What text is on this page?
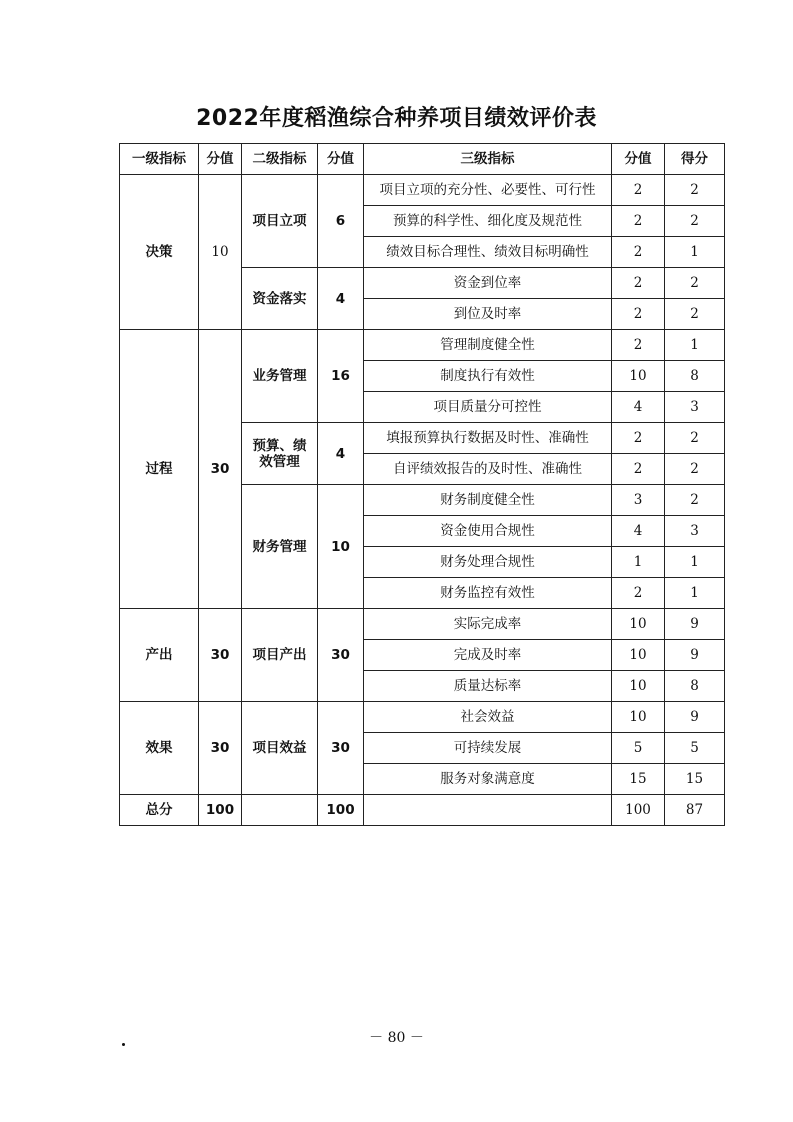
2022年度稻渔综合种养项目绩效评价表
一级指标	分值	二级指标	分值	三级指标	分值	得分
决策	10	项目立项	6	项目立项的充分性、必要性、可行性	2	2
				预算的科学性、细化度及规范性	2	2
				绩效目标合理性、绩效目标明确性	2	1
		资金落实	4	资金到位率	2	2
				到位及时率	2	2
过程	30	业务管理	16	管理制度健全性	2	1
				制度执行有效性	10	8
				项目质量分可控性	4	3
		预算、绩效管理	4	填报预算执行数据及时性、准确性	2	2
				自评绩效报告的及时性、准确性	2	2
		财务管理	10	财务制度健全性	3	2
				资金使用合规性	4	3
				财务处理合规性	1	1
				财务监控有效性	2	1
产出	30	项目产出	30	实际完成率	10	9
				完成及时率	10	9
				质量达标率	10	8
效果	30	项目效益	30	社会效益	10	9
				可持续发展	5	5
				服务对象满意度	15	15
总分	100		100		100	87
－ 80 －
